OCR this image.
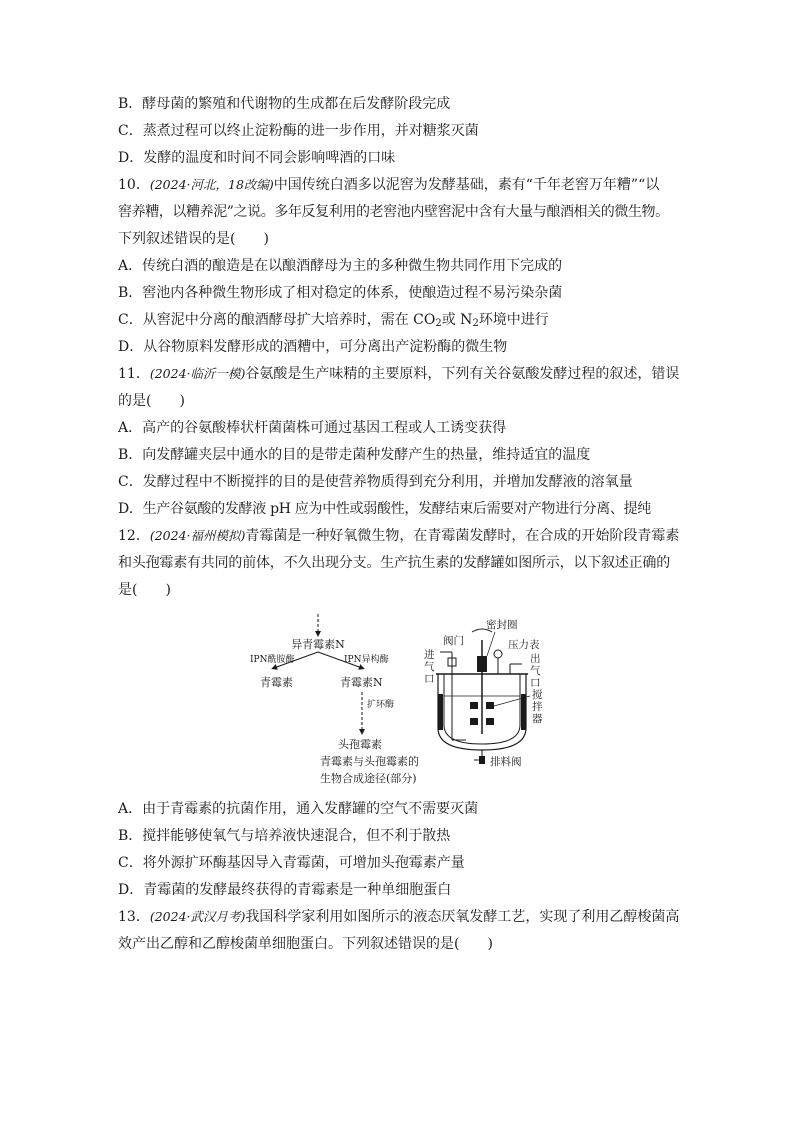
B．酵母菌的繁殖和代谢物的生成都在后发酵阶段完成
C．蒸煮过程可以终止淀粉酶的进一步作用，并对糖浆灭菌
D．发酵的温度和时间不同会影响啤酒的口味
10．(2024·河北，18改编)中国传统白酒多以泥窖为发酵基础，素有“千年老窖万年糟”“以
窖养糟，以糟养泥”之说。多年反复利用的老窖池内壁窖泥中含有大量与酿酒相关的微生物。
下列叙述错误的是(　　)
A．传统白酒的酿造是在以酿酒酵母为主的多种微生物共同作用下完成的
B．窖池内各种微生物形成了相对稳定的体系，使酿造过程不易污染杂菌
C．从窖泥中分离的酿酒酵母扩大培养时，需在 $CO_2$或 $N_2$环境中进行
D．从谷物原料发酵形成的酒糟中，可分离出产淀粉酶的微生物
11．(2024·临沂一模)谷氨酸是生产味精的主要原料，下列有关谷氨酸发酵过程的叙述，错误
的是(　　)
A．高产的谷氨酸棒状杆菌菌株可通过基因工程或人工诱变获得
B．向发酵罐夹层中通水的目的是带走菌种发酵产生的热量，维持适宜的温度
C．发酵过程中不断搅拌的目的是使营养物质得到充分利用，并增加发酵液的溶氧量
D．生产谷氨酸的发酵液 pH 应为中性或弱酸性，发酵结束后需要对产物进行分离、提纯
12．(2024·福州模拟)青霉菌是一种好氧微生物，在青霉菌发酵时，在合成的开始阶段青霉素
和头孢霉素有共同的前体，不久出现分支。生产抗生素的发酵罐如图所示，以下叙述正确的
是(　　)
异青霉素N
IPN酰胺酶	IPN异构酶
青霉素	青霉素N
扩环酶
头孢霉素
青霉素与头孢霉素的
生物合成途径(部分)
密封圈
阀门
进
气
口
压力表
出
气
口
搅
拌
器
排料阀
A．由于青霉素的抗菌作用，通入发酵罐的空气不需要灭菌
B．搅拌能够使氧气与培养液快速混合，但不利于散热
C．将外源扩环酶基因导入青霉菌，可增加头孢霉素产量
D．青霉菌的发酵最终获得的青霉素是一种单细胞蛋白
13．(2024·武汉月考)我国科学家利用如图所示的液态厌氧发酵工艺，实现了利用乙醇梭菌高
效产出乙醇和乙醇梭菌单细胞蛋白。下列叙述错误的是(　　)
